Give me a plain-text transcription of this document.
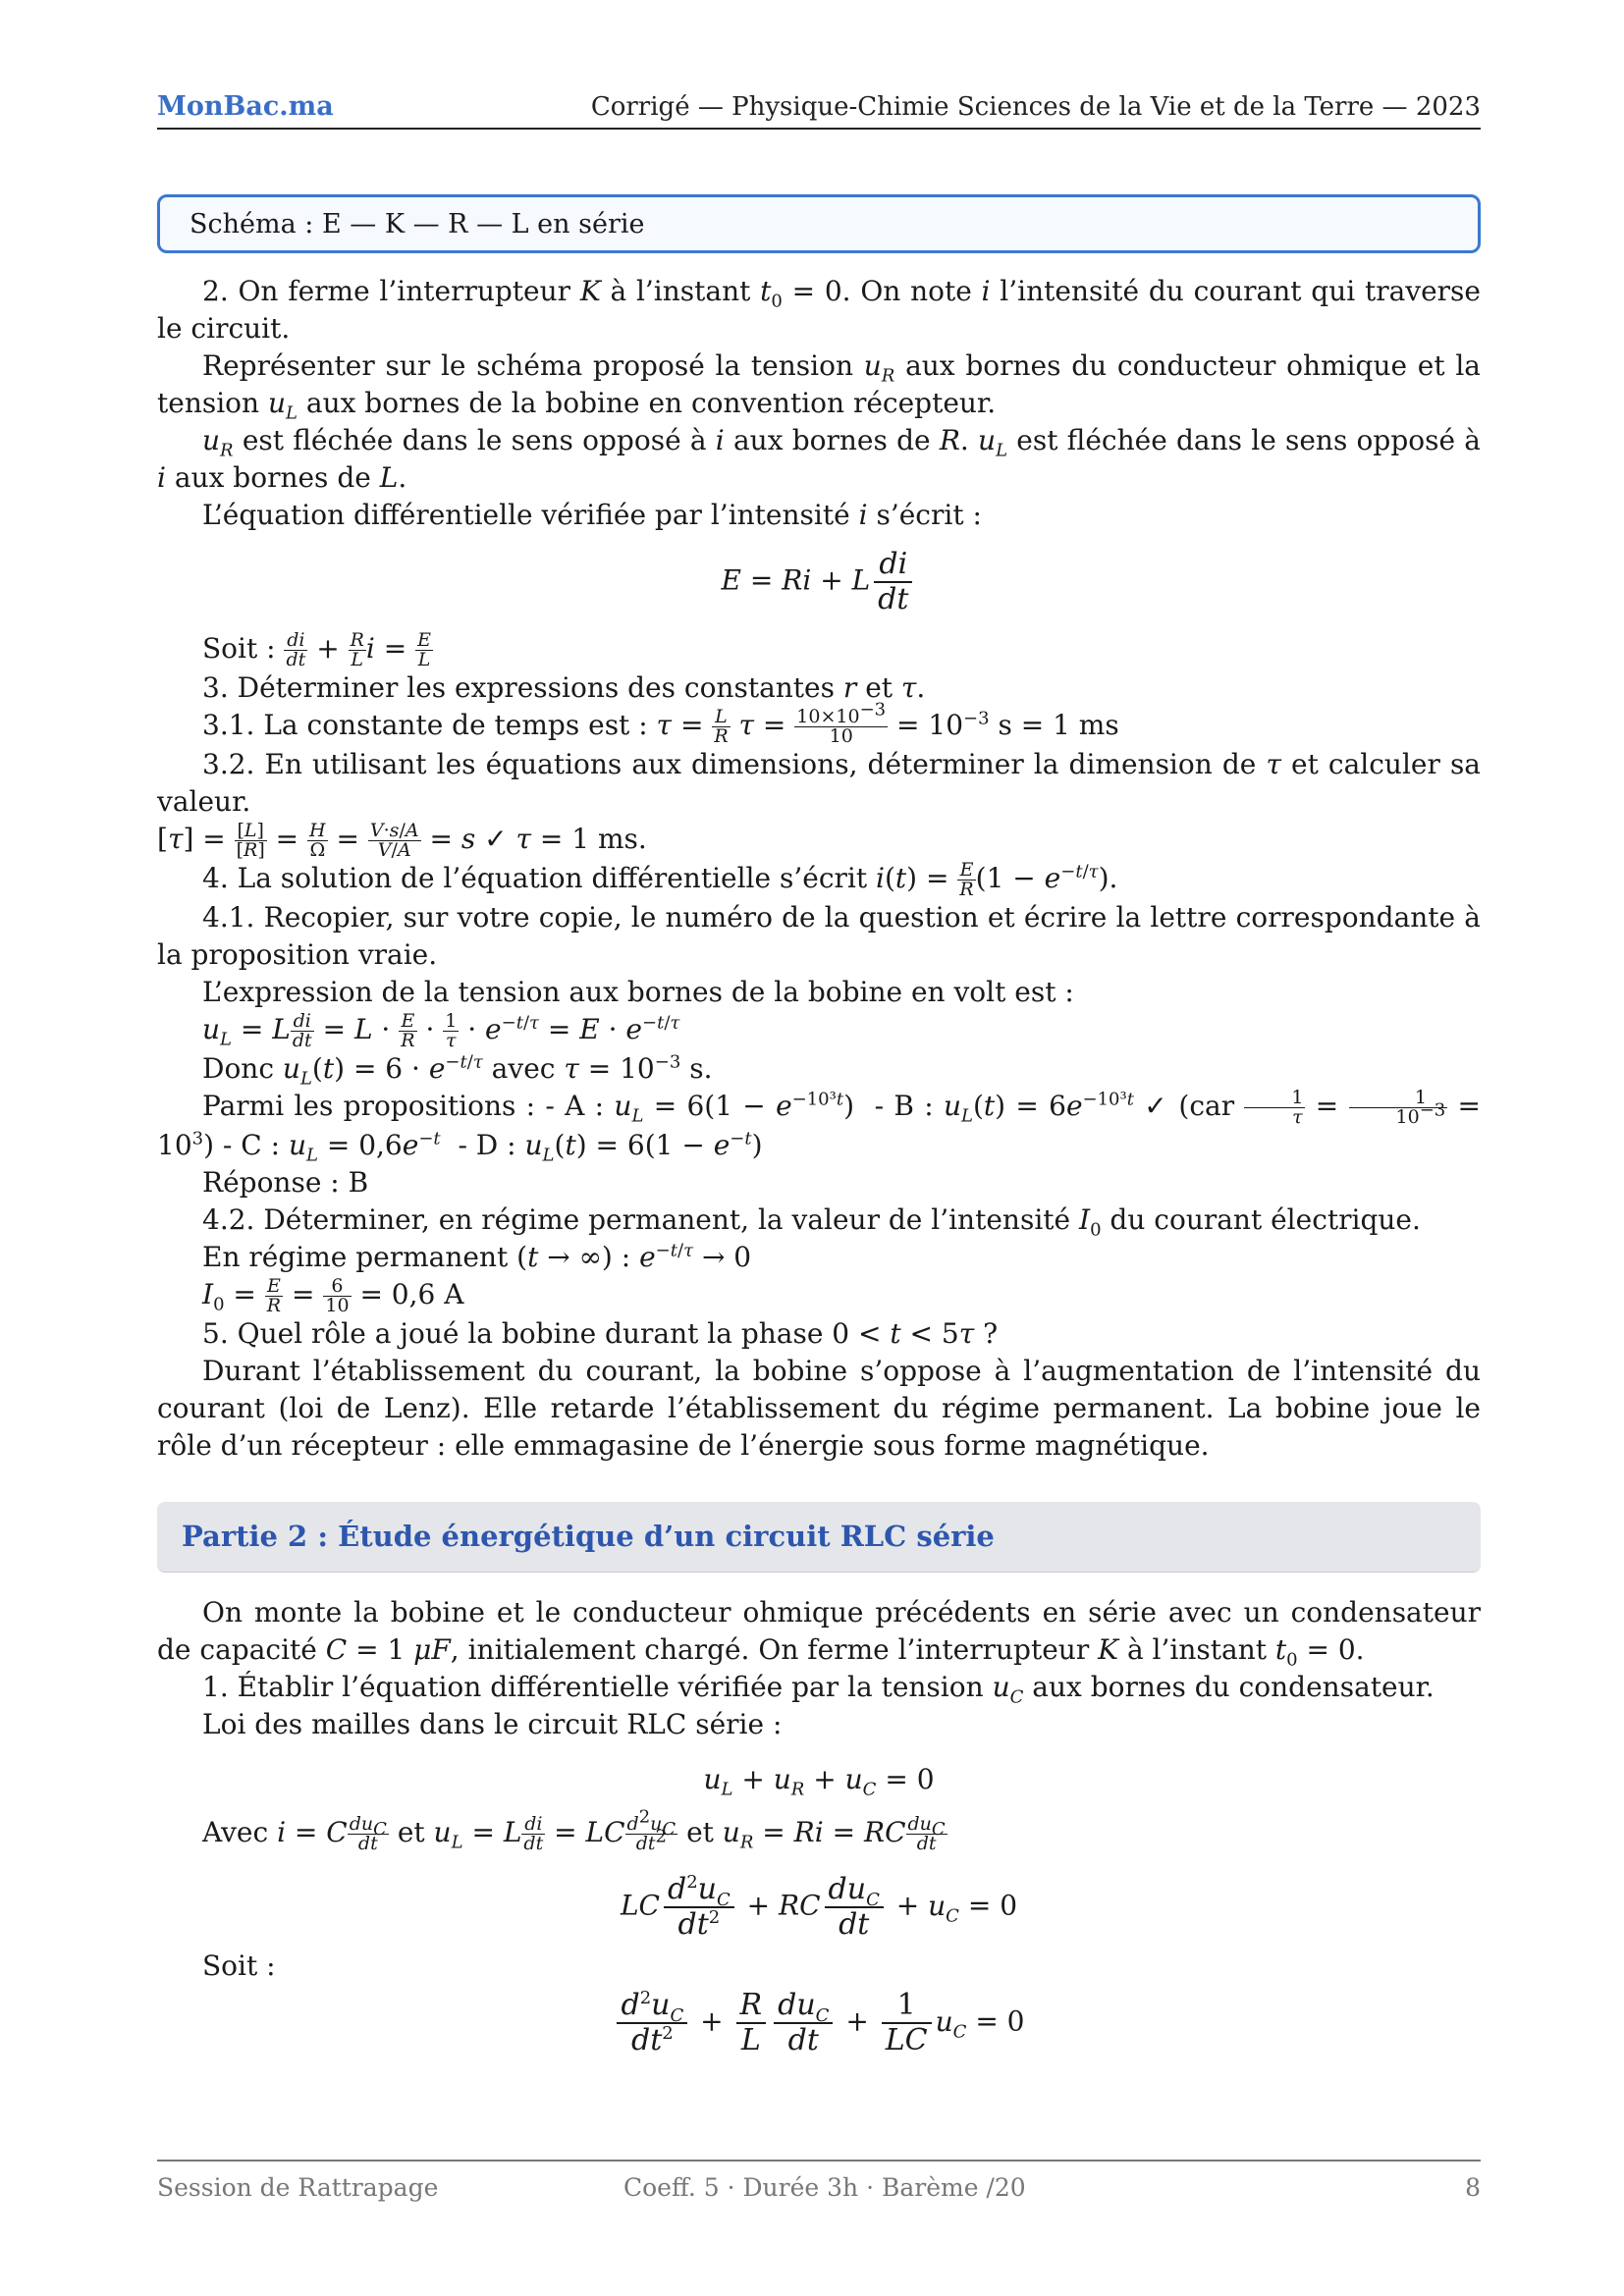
MonBac.ma	Corrigé — Physique-Chimie Sciences de la Vie et de la Terre — 2023
Schéma : E — K — R — L en série

2. On ferme l’interrupteur K à l’instant $t_0 = 0$. On note i l’intensité du courant qui traverse le circuit.

Représenter sur le schéma proposé la tension $u_R$ aux bornes du conducteur ohmique et la tension $u_L$ aux bornes de la bobine en convention récepteur.

$u_R$ est fléchée dans le sens opposé à i aux bornes de R. $u_L$ est fléchée dans le sens opposé à i aux bornes de L.

L’équation différentielle vérifiée par l’intensité i s’écrit :

E = Ri + L $\frac{di}{dt}$

Soit : $\frac{di}{dt} + \frac{R}{L}$ $i = \frac{E}{L}$

3. Déterminer les expressions des constantes r et τ.

3.1. La constante de temps est : $\tau = \frac{L}{R}$ $\tau = \frac{10\times 10^{-3}}{10} = 10^{-3}$ s = 1 ms

3.2. En utilisant les équations aux dimensions, déterminer la dimension de τ et calculer sa valeur.

$[\tau] = \frac{[L]}{[R]} = \frac{H}{\Omega} = \frac{V\cdot s/A}{V/A} = s$ ✓ τ = 1 ms.

4. La solution de l’équation différentielle s’écrit $i(t) = \frac{E}{R} (1 - e^{-t/\tau})$.

4.1. Recopier, sur votre copie, le numéro de la question et écrire la lettre correspondante à la proposition vraie.

L’expression de la tension aux bornes de la bobine en volt est :

$u_L = L \frac{di}{dt} = L \cdot \frac{E}{R} \cdot \frac{1}{\tau} \cdot e^{-t/\tau} = E \cdot e^{-t/\tau}$

Donc $u_L(t) = 6 \cdot e^{-t/\tau}$ avec $\tau = 10^{-3}$ s.

Parmi les propositions : - A : $u_L = 6(1 - e^{-10^3t}) - B$ : $u_L(t) = 6e^{-10^3t}$ ✓ $(car \frac{1}{\tau} = \frac{1}{10^{-3}} = 10^3) - C$ : $u_L = 0,6e^{-t} - D$ : $u_L(t) = 6(1 - e^{-t})$

Réponse : B

4.2. Déterminer, en régime permanent, la valeur de l’intensité $I_0$ du courant électrique.

En régime permanent (t → ∞) : $e^{-t/\tau} \to 0$

$I_0 = \frac{E}{R} = \frac{6}{10} = 0,6$ A

5. Quel rôle a joué la bobine durant la phase 0 < t < 5τ ?

Durant l’établissement du courant, la bobine s’oppose à l’augmentation de l’intensité du courant (loi de Lenz). Elle retarde l’établissement du régime permanent. La bobine joue le rôle d’un récepteur : elle emmagasine de l’énergie sous forme magnétique.

Partie 2 : Étude énergétique d’un circuit RLC série

On monte la bobine et le conducteur ohmique précédents en série avec un condensateur de capacité C = 1 μF, initialement chargé. On ferme l’interrupteur K à l’instant $t_0 = 0$.

1. Établir l’équation différentielle vérifiée par la tension $u_C$ aux bornes du condensateur.

Loi des mailles dans le circuit RLC série :

$u_L + u_R + u_C = 0$

Avec i = C $\frac{du_C}{dt}$ et $u_L = L \frac{di}{dt}$ = LC $\frac{d^2u_C}{dt^2}$ et $u_R = Ri$ = RC $\frac{du_C}{dt}$

LC $\frac{d^2u_C}{dt^2}$ + RC $du_C$
dt
+ $u_C = 0$

Soit :

$\frac{d^2u_C}{dt^2} + \frac{R}{L} du_C$
dt
+ $\frac{1}{LC} u_C = 0$
Session de Rattrapage	Coeff. 5 · Durée 3h · Barème /20	8
